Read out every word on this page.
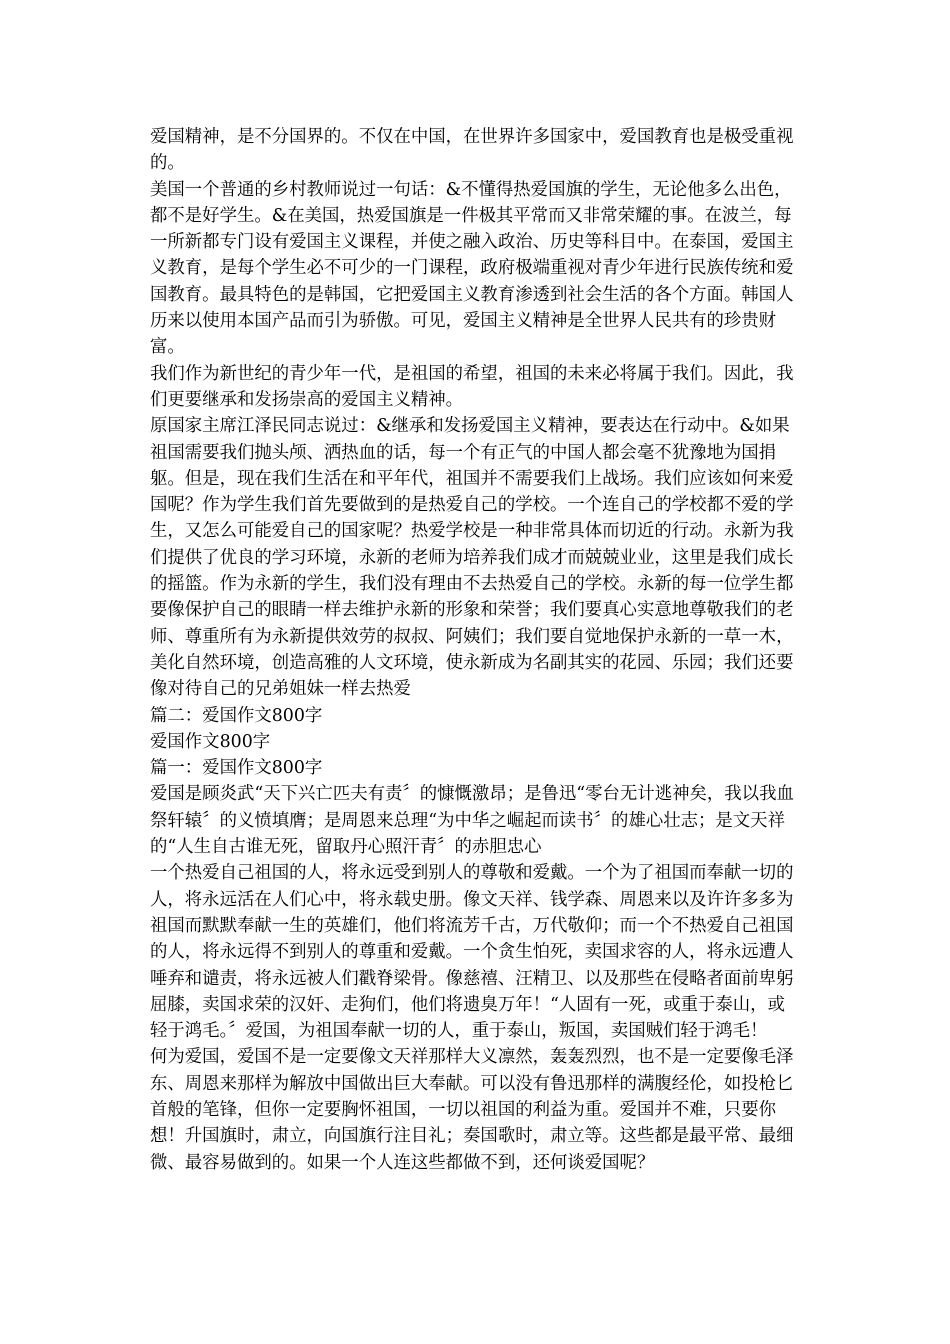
爱国精神，是不分国界的。不仅在中国，在世界许多国家中，爱国教育也是极受重视的。

美国一个普通的乡村教师说过一句话：&不懂得热爱国旗的学生，无论他多么出色，都不是好学生。&在美国，热爱国旗是一件极其平常而又非常荣耀的事。在波兰，每一所新都专门设有爱国主义课程，并使之融入政治、历史等科目中。在泰国，爱国主义教育，是每个学生必不可少的一门课程，政府极端重视对青少年进行民族传统和爱国教育。最具特色的是韩国，它把爱国主义教育渗透到社会生活的各个方面。韩国人历来以使用本国产品而引为骄傲。可见，爱国主义精神是全世界人民共有的珍贵财富。

我们作为新世纪的青少年一代，是祖国的希望，祖国的未来必将属于我们。因此，我们更要继承和发扬崇高的爱国主义精神。

原国家主席江泽民同志说过：&继承和发扬爱国主义精神，要表达在行动中。&如果祖国需要我们抛头颅、洒热血的话，每一个有正气的中国人都会毫不犹豫地为国捐躯。但是，现在我们生活在和平年代，祖国并不需要我们上战场。我们应该如何来爱国呢？作为学生我们首先要做到的是热爱自己的学校。一个连自己的学校都不爱的学生，又怎么可能爱自己的国家呢？热爱学校是一种非常具体而切近的行动。永新为我们提供了优良的学习环境，永新的老师为培养我们成才而兢兢业业，这里是我们成长的摇篮。作为永新的学生，我们没有理由不去热爱自己的学校。永新的每一位学生都要像保护自己的眼睛一样去维护永新的形象和荣誉；我们要真心实意地尊敬我们的老师、尊重所有为永新提供效劳的叔叔、阿姨们；我们要自觉地保护永新的一草一木，美化自然环境，创造高雅的人文环境，使永新成为名副其实的花园、乐园；我们还要像对待自己的兄弟姐妹一样去热爱

篇二：爱国作文800字

爱国作文800字

篇一：爱国作文800字

爱国是顾炎武“天下兴亡匹夫有责〞的慷慨激昂；是鲁迅“零台无计逃神矣，我以我血祭轩辕〞的义愤填膺；是周恩来总理“为中华之崛起而读书〞的雄心壮志；是文天祥的“人生自古谁无死，留取丹心照汗青〞的赤胆忠心

一个热爱自己祖国的人，将永远受到别人的尊敬和爱戴。一个为了祖国而奉献一切的人，将永远活在人们心中，将永载史册。像文天祥、钱学森、周恩来以及许许多多为祖国而默默奉献一生的英雄们，他们将流芳千古，万代敬仰；而一个不热爱自己祖国的人，将永远得不到别人的尊重和爱戴。一个贪生怕死，卖国求容的人，将永远遭人唾弃和谴责，将永远被人们戳脊梁骨。像慈禧、汪精卫、以及那些在侵略者面前卑躬屈膝，卖国求荣的汉奸、走狗们，他们将遗臭万年！“人固有一死，或重于泰山，或轻于鸿毛。〞爱国，为祖国奉献一切的人，重于泰山，叛国，卖国贼们轻于鸿毛！

何为爱国，爱国不是一定要像文天祥那样大义凛然，轰轰烈烈，也不是一定要像毛泽东、周恩来那样为解放中国做出巨大奉献。可以没有鲁迅那样的满腹经伦，如投枪匕首般的笔锋，但你一定要胸怀祖国，一切以祖国的利益为重。爱国并不难，只要你想！升国旗时，肃立，向国旗行注目礼；奏国歌时，肃立等。这些都是最平常、最细微、最容易做到的。如果一个人连这些都做不到，还何谈爱国呢？
